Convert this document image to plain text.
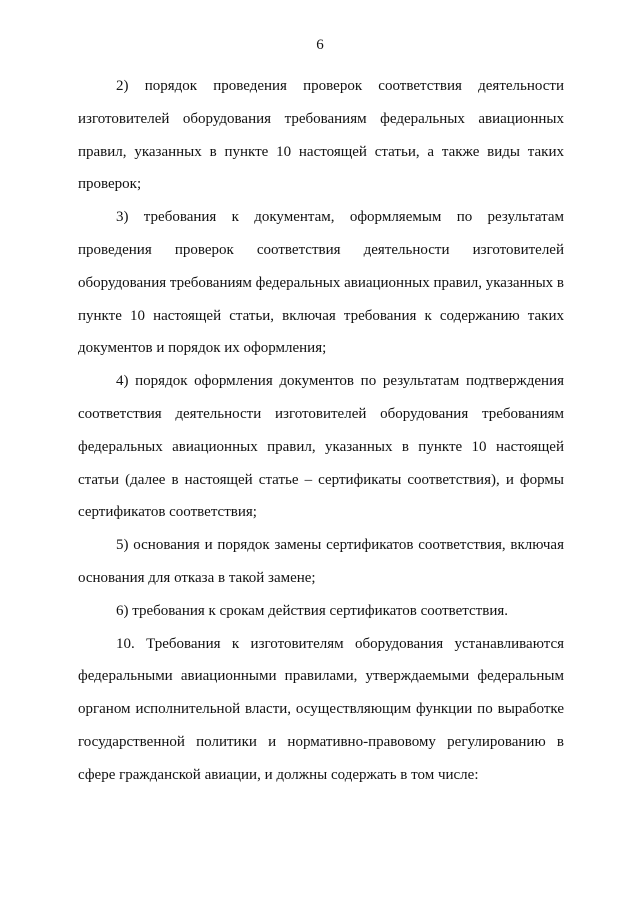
6

2) порядок проведения проверок соответствия деятельности изготовителей оборудования требованиям федеральных авиационных правил, указанных в пункте 10 настоящей статьи, а также виды таких проверок;

3) требования к документам, оформляемым по результатам проведения проверок соответствия деятельности изготовителей оборудования требованиям федеральных авиационных правил, указанных в пункте 10 настоящей статьи, включая требования к содержанию таких документов и порядок их оформления;

4) порядок оформления документов по результатам подтверждения соответствия деятельности изготовителей оборудования требованиям федеральных авиационных правил, указанных в пункте 10 настоящей статьи (далее в настоящей статье – сертификаты соответствия), и формы сертификатов соответствия;

5) основания и порядок замены сертификатов соответствия, включая основания для отказа в такой замене;

6) требования к срокам действия сертификатов соответствия.

10. Требования к изготовителям оборудования устанавливаются федеральными авиационными правилами, утверждаемыми федеральным органом исполнительной власти, осуществляющим функции по выработке государственной политики и нормативно-правовому регулированию в сфере гражданской авиации, и должны содержать в том числе:
